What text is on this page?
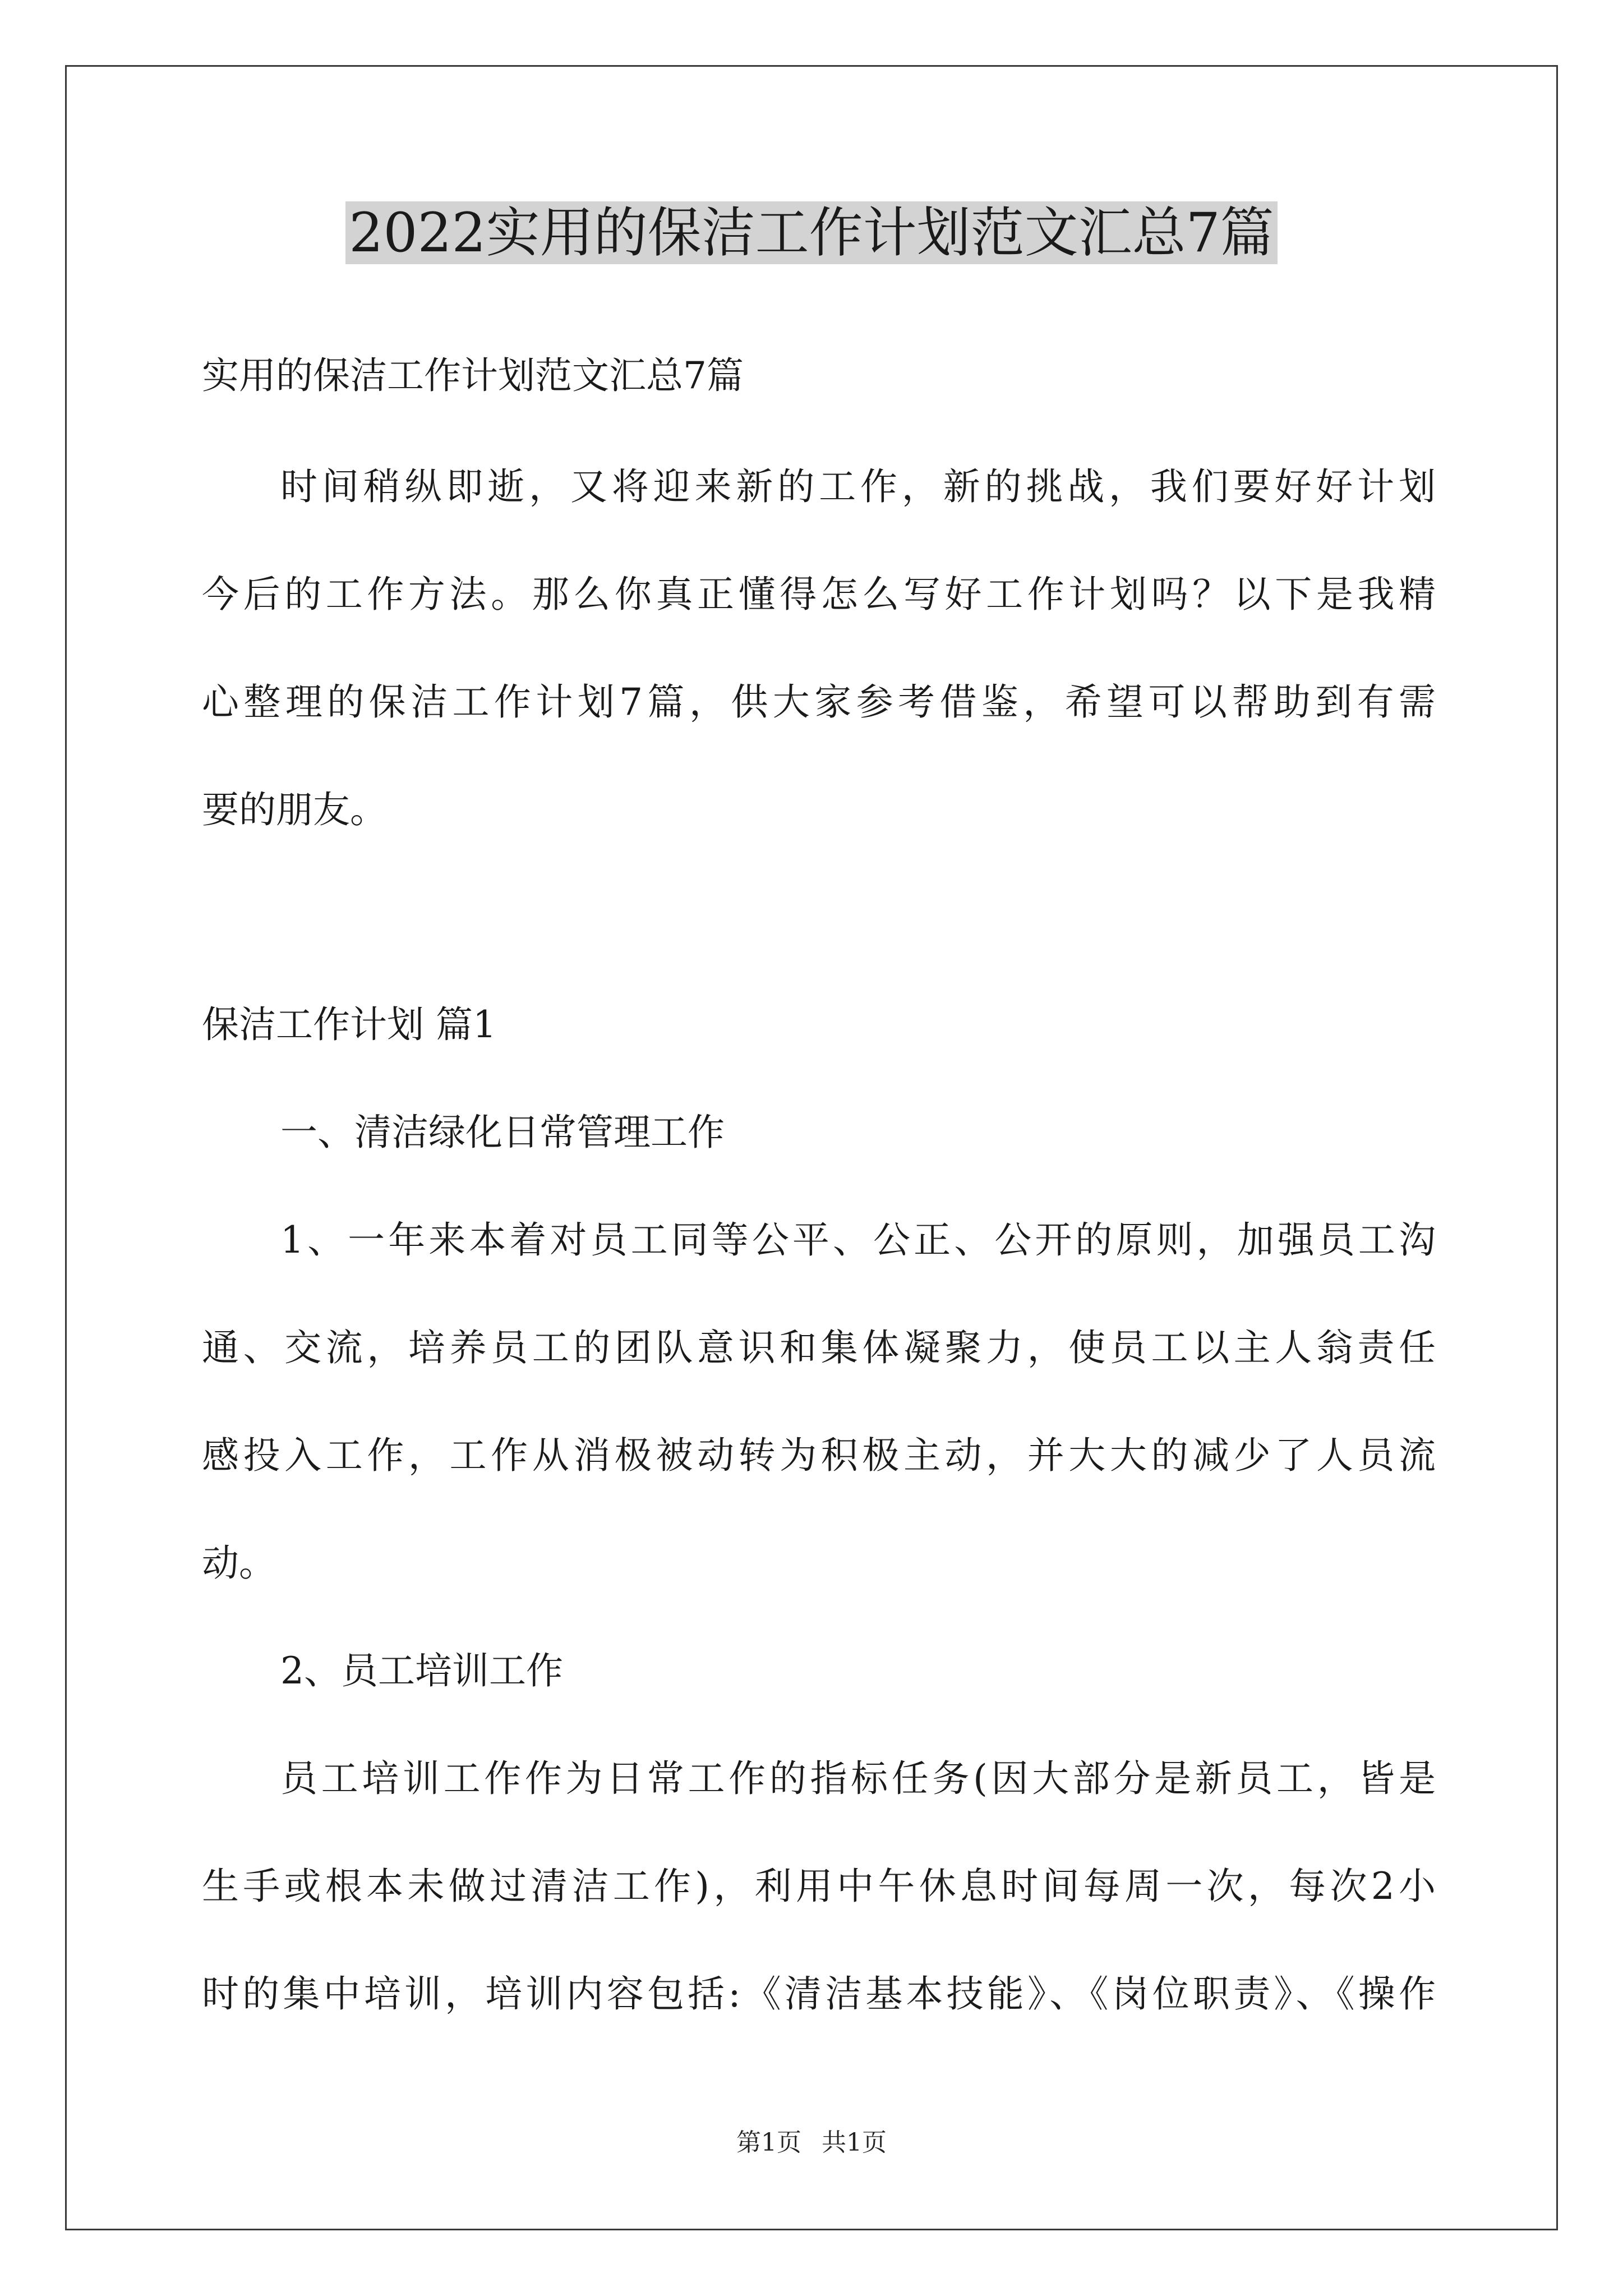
2022实用的保洁工作计划范文汇总7篇

实用的保洁工作计划范文汇总7篇

时间稍纵即逝，又将迎来新的工作，新的挑战，我们要好好计划

今后的工作方法。那么你真正懂得怎么写好工作计划吗？以下是我精

心整理的保洁工作计划7篇，供大家参考借鉴，希望可以帮助到有需

要的朋友。

保洁工作计划 篇1

一、清洁绿化日常管理工作

1、一年来本着对员工同等公平、公正、公开的原则，加强员工沟

通、交流，培养员工的团队意识和集体凝聚力，使员工以主人翁责任

感投入工作，工作从消极被动转为积极主动，并大大的减少了人员流

动。

2、员工培训工作

员工培训工作作为日常工作的指标任务(因大部分是新员工，皆是

生手或根本未做过清洁工作)，利用中午休息时间每周一次，每次2小

时的集中培训，培训内容包括:《清洁基本技能》、《岗位职责》、《操作

第1页 共1页
